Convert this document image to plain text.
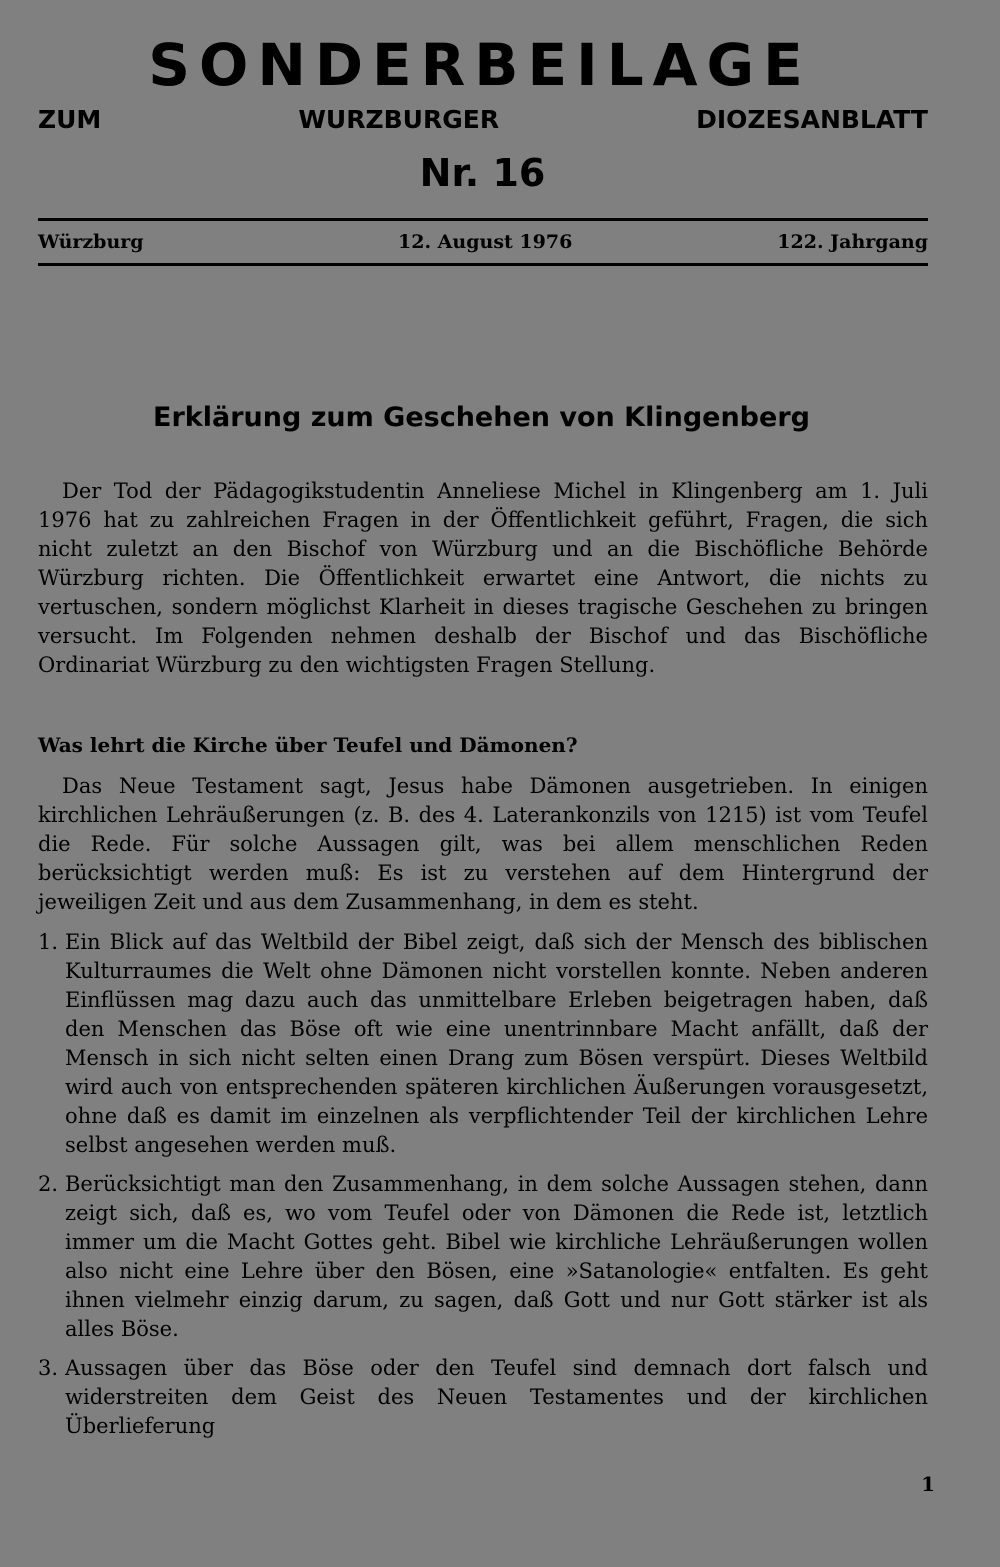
SONDERBEILAGE
ZUM	WURZBURGER	DIOZESANBLATT
Nr. 16
Würzburg	12. August 1976	122. Jahrgang
Erklärung zum Geschehen von Klingenberg

Der Tod der Pädagogikstudentin Anneliese Michel in Klingenberg am 1. Juli 1976 hat zu zahlreichen Fragen in der Öffentlichkeit geführt, Fragen, die sich nicht zuletzt an den Bischof von Würzburg und an die Bischöfliche Behörde Würzburg richten. Die Öffentlichkeit erwartet eine Antwort, die nichts zu vertuschen, sondern möglichst Klarheit in dieses tragische Geschehen zu bringen versucht. Im Folgenden nehmen deshalb der Bischof und das Bischöfliche Ordinariat Würzburg zu den wichtigsten Fragen Stellung.

Was lehrt die Kirche über Teufel und Dämonen?

Das Neue Testament sagt, Jesus habe Dämonen ausgetrieben. In einigen kirchlichen Lehräußerungen (z. B. des 4. Laterankonzils von 1215) ist vom Teufel die Rede. Für solche Aussagen gilt, was bei allem menschlichen Reden berücksichtigt werden muß: Es ist zu verstehen auf dem Hintergrund der jeweiligen Zeit und aus dem Zusammenhang, in dem es steht.

1. Ein Blick auf das Weltbild der Bibel zeigt, daß sich der Mensch des biblischen Kulturraumes die Welt ohne Dämonen nicht vorstellen konnte. Neben anderen Einflüssen mag dazu auch das unmittelbare Erleben beigetragen haben, daß den Menschen das Böse oft wie eine unentrinnbare Macht anfällt, daß der Mensch in sich nicht selten einen Drang zum Bösen verspürt. Dieses Weltbild wird auch von entsprechenden späteren kirchlichen Äußerungen vorausgesetzt, ohne daß es damit im einzelnen als verpflichtender Teil der kirchlichen Lehre selbst angesehen werden muß.
2. Berücksichtigt man den Zusammenhang, in dem solche Aussagen stehen, dann zeigt sich, daß es, wo vom Teufel oder von Dämonen die Rede ist, letztlich immer um die Macht Gottes geht. Bibel wie kirchliche Lehräußerungen wollen also nicht eine Lehre über den Bösen, eine »Satanologie« entfalten. Es geht ihnen vielmehr einzig darum, zu sagen, daß Gott und nur Gott stärker ist als alles Böse.
3. Aussagen über das Böse oder den Teufel sind demnach dort falsch und widerstreiten dem Geist des Neuen Testamentes und der kirchlichen Überlieferung
1
